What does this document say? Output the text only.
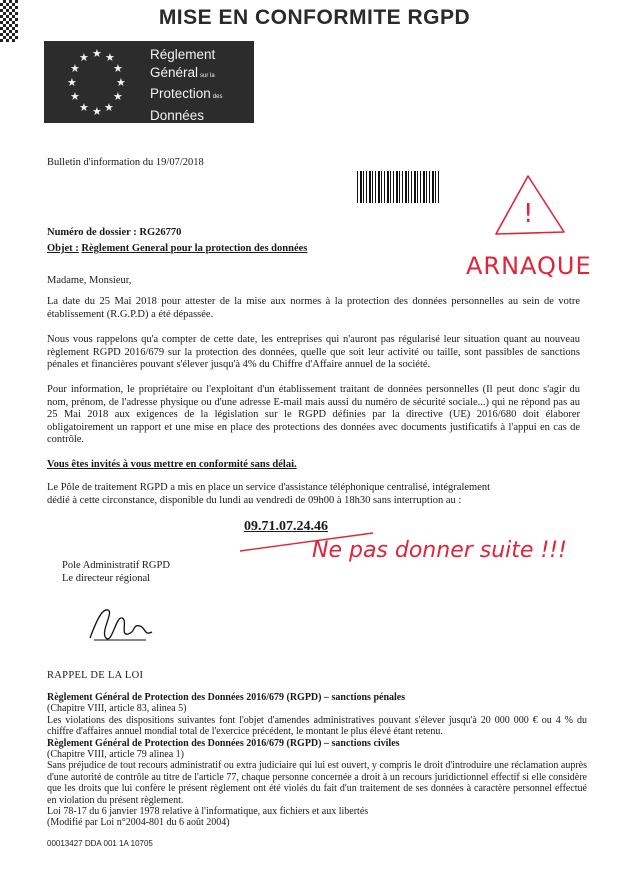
MISE EN CONFORMITE RGPD
★ ★
★
★
★
★
★
★
★
★
★
★	Réglement
Général sur la
Protection des
Données
Bulletin d'information du 19/07/2018
!
ARNAQUE
Numéro de dossier : RG26770
Objet : Règlement General pour la protection des données
Madame, Monsieur,
La date du 25 Mai 2018 pour attester de la mise aux normes à la protection des données personnelles au sein de votre établissement (R.G.P.D) a été dépassée.
Nous vous rappelons qu'a compter de cette date, les entreprises qui n'auront pas régularisé leur situation quant au nouveau règlement RGPD 2016/679 sur la protection des données, quelle que soit leur activité ou taille, sont passibles de sanctions pénales et financières pouvant s'élever jusqu'à 4% du Chiffre d'Affaire annuel de la société.
Pour information, le propriétaire ou l'exploitant d'un établissement traitant de données personnelles (Il peut donc s'agir du nom, prénom, de l'adresse physique ou d'une adresse E-mail mais aussi du numéro de sécurité sociale...) qui ne répond pas au 25 Mai 2018 aux exigences de la législation sur le RGPD définies par la directive (UE) 2016/680 doit élaborer obligatoirement un rapport et une mise en place des protections des données avec documents justificatifs à l'appui en cas de contrôle.
Vous êtes invités à vous mettre en conformité sans délai.
Le Pôle de traitement RGPD a mis en place un service d'assistance téléphonique centralisé, intégralement
dédié à cette circonstance, disponible du lundi au vendredi de 09h00 à 18h30 sans interruption au :
09.71.07.24.46
Ne pas donner suite !!!
Pole Administratif RGPD
Le directeur régional
RAPPEL DE LA LOI
Règlement Général de Protection des Données 2016/679 (RGPD) – sanctions pénales
(Chapitre VIII, article 83, alinea 5)
Les violations des dispositions suivantes font l'objet d'amendes administratives pouvant s'élever jusqu'à 20 000 000 € ou 4 % du chiffre d'affaires annuel mondial total de l'exercice précédent, le montant le plus élevé étant retenu.
Règlement Général de Protection des Données 2016/679 (RGPD) – sanctions civiles
(Chapitre VIII, article 79 alinea 1)
Sans préjudice de tout recours administratif ou extra judiciaire qui lui est ouvert, y compris le droit d'introduire une réclamation auprès d'une autorité de contrôle au titre de l'article 77, chaque personne concernée a droit à un recours juridictionnel effectif si elle considère que les droits que lui confère le présent règlement ont été violés du fait d'un traitement de ses données à caractère personnel effectué en violation du présent règlement.
Loi 78-17 du 6 janvier 1978 relative à l'informatique, aux fichiers et aux libertés
(Modifié par Loi n°2004-801 du 6 août 2004)
00013427 DDA 001 1A 10705
